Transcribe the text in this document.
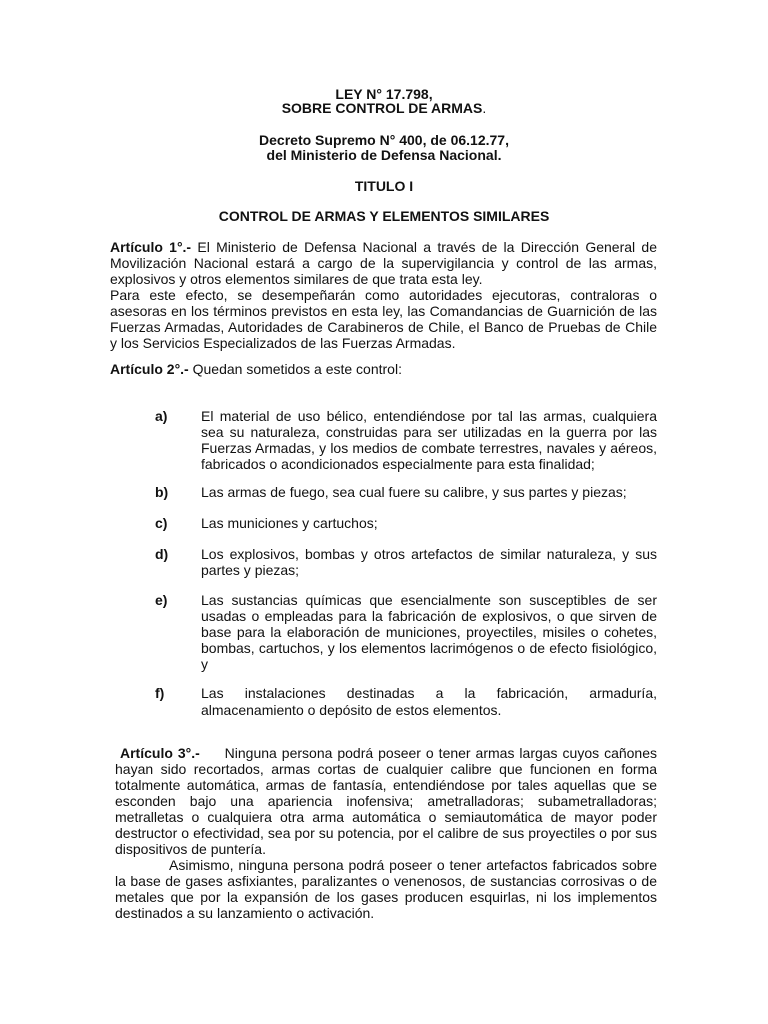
LEY N° 17.798,
SOBRE CONTROL DE ARMAS.
Decreto Supremo N° 400, de 06.12.77,
del Ministerio de Defensa Nacional.
TITULO I
CONTROL DE ARMAS Y ELEMENTOS SIMILARES
Artículo 1°.- El Ministerio de Defensa Nacional a través de la Dirección General de Movilización Nacional estará a cargo de la supervigilancia y control de las armas, explosivos y otros elementos similares de que trata esta ley.
Para este efecto, se desempeñarán como autoridades ejecutoras, contraloras o asesoras en los términos previstos en esta ley, las Comandancias de Guarnición de las Fuerzas Armadas, Autoridades de Carabineros de Chile, el Banco de Pruebas de Chile y los Servicios Especializados de las Fuerzas Armadas.
Artículo 2°.- Quedan sometidos a este control:
a) El material de uso bélico, entendiéndose por tal las armas, cualquiera sea su naturaleza, construidas para ser utilizadas en la guerra por las Fuerzas Armadas, y los medios de combate terrestres, navales y aéreos, fabricados o acondicionados especialmente para esta finalidad;
b) Las armas de fuego, sea cual fuere su calibre, y sus partes y piezas;
c) Las municiones y cartuchos;
d) Los explosivos, bombas y otros artefactos de similar naturaleza, y sus partes y piezas;
e) Las sustancias químicas que esencialmente son susceptibles de ser usadas o empleadas para la fabricación de explosivos, o que sirven de base para la elaboración de municiones, proyectiles, misiles o cohetes, bombas, cartuchos, y los elementos lacrimógenos o de efecto fisiológico, y
f)	Las instalaciones destinadas a la fabricación, armaduría, almacenamiento o depósito de estos elementos.
Artículo 3°.-     Ninguna persona podrá poseer o tener armas largas cuyos cañones hayan sido recortados, armas cortas de cualquier calibre que funcionen en forma totalmente automática, armas de fantasía, entendiéndose por tales aquellas que se esconden bajo una apariencia inofensiva; ametralladoras; subametralladoras; metralletas o cualquiera otra arma automática o semiautomática de mayor poder destructor o efectividad, sea por su potencia, por el calibre de sus proyectiles o por sus dispositivos de puntería.
Asimismo, ninguna persona podrá poseer o tener artefactos fabricados sobre la base de gases asfixiantes, paralizantes o venenosos, de sustancias corrosivas o de metales que por la expansión de los gases producen esquirlas, ni los implementos destinados a su lanzamiento o activación.
